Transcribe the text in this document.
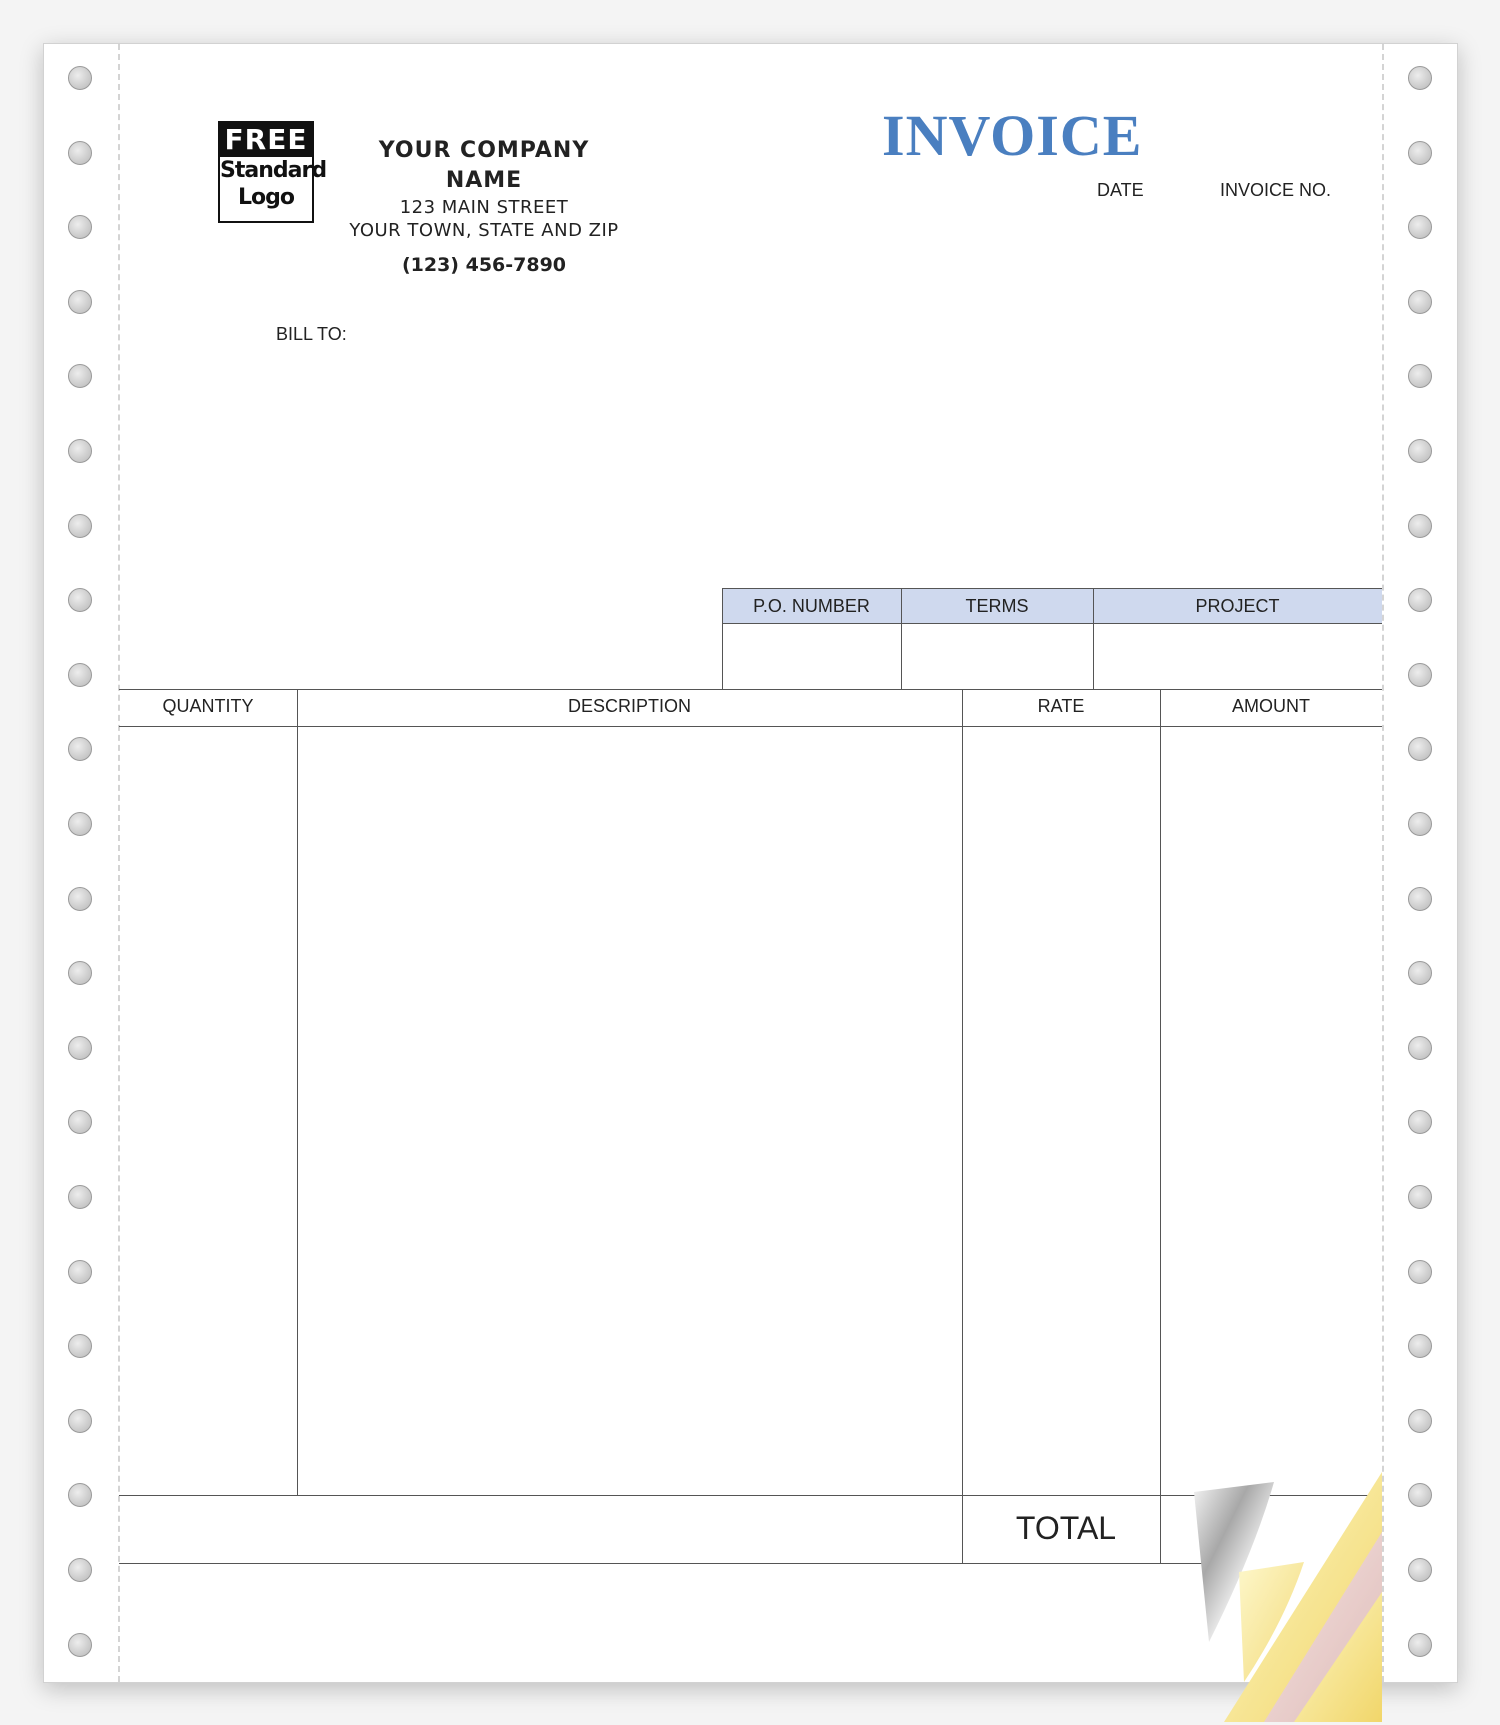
FREE
Standard
Logo
YOUR COMPANY NAME
123 MAIN STREET
YOUR TOWN, STATE AND ZIP
(123) 456-7890
INVOICE
DATE	INVOICE NO.
BILL TO:
P.O. NUMBER	TERMS	PROJECT
QUANTITY	DESCRIPTION	RATE	AMOUNT
TOTAL
